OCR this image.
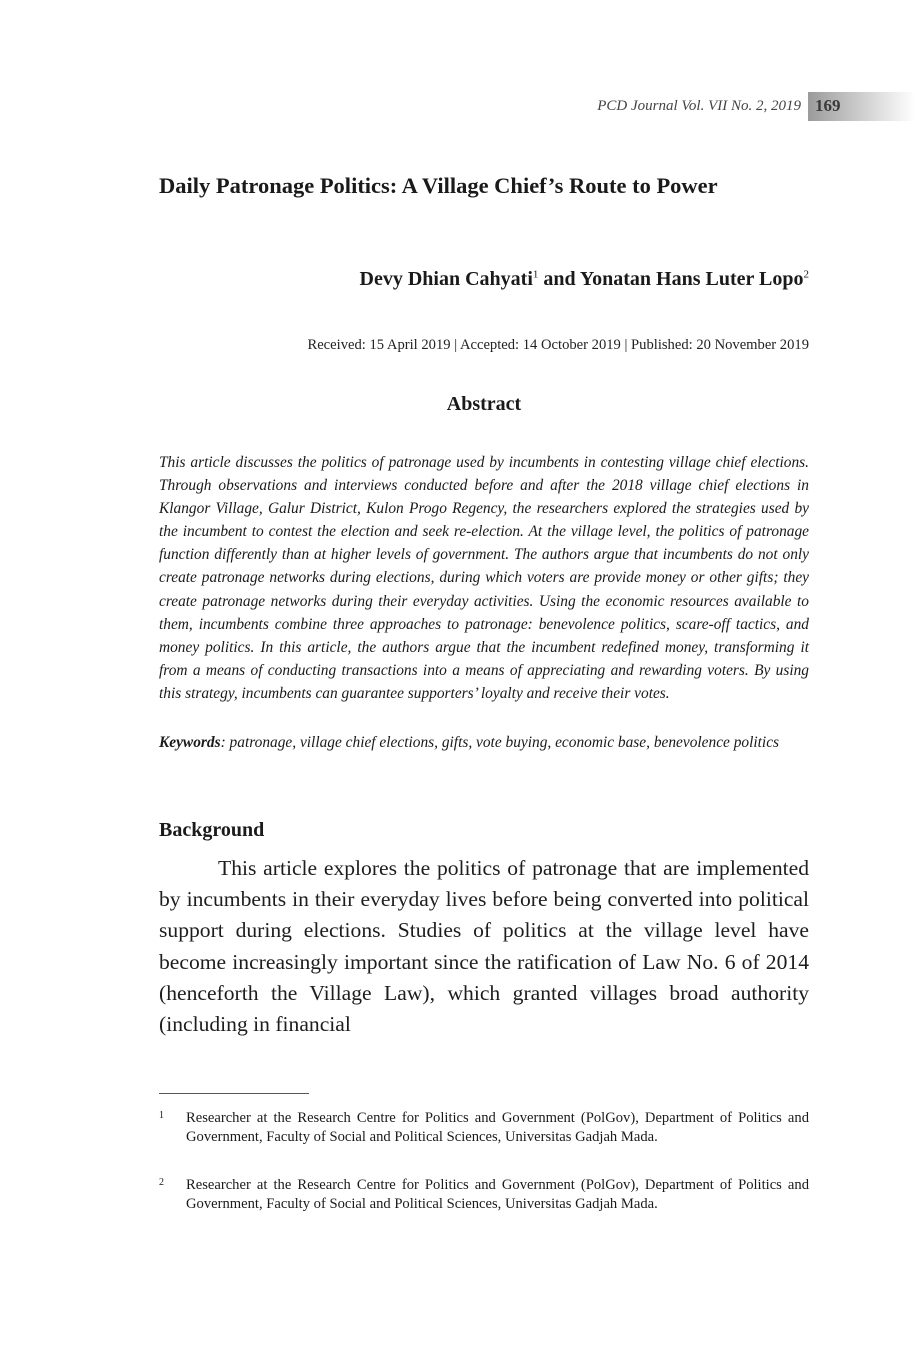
PCD Journal Vol. VII No. 2, 2019 169
Daily Patronage Politics: A Village Chief’s Route to Power
Devy Dhian Cahyati$^1$ and Yonatan Hans Luter Lopo$^2$
Received: 15 April 2019 | Accepted: 14 October 2019 | Published: 20 November 2019
Abstract
This article discusses the politics of patronage used by incumbents in contesting village chief elections. Through observations and interviews conducted before and after the 2018 village chief elections in Klangor Village, Galur District, Kulon Progo Regency, the researchers explored the strategies used by the incumbent to contest the election and seek re-election. At the village level, the politics of patronage function differently than at higher levels of government. The authors argue that incumbents do not only create patronage networks during elections, during which voters are provide money or other gifts; they create patronage networks during their everyday activities. Using the economic resources available to them, incumbents combine three approaches to patronage: benevolence politics, scare-off tactics, and money politics. In this article, the authors argue that the incumbent redefined money, transforming it from a means of conducting transactions into a means of appreciating and rewarding voters. By using this strategy, incumbents can guarantee supporters’ loyalty and receive their votes.
Keywords: patronage, village chief elections, gifts, vote buying, economic base, benevolence politics
Background
This article explores the politics of patronage that are implemented by incumbents in their everyday lives before being converted into political support during elections. Studies of politics at the village level have become increasingly important since the ratification of Law No. 6 of 2014 (henceforth the Village Law), which granted villages broad authority (including in financial
1 Researcher at the Research Centre for Politics and Government (PolGov), Department of Politics and Government, Faculty of Social and Political Sciences, Universitas Gadjah Mada.
2 Researcher at the Research Centre for Politics and Government (PolGov), Department of Politics and Government, Faculty of Social and Political Sciences, Universitas Gadjah Mada.
